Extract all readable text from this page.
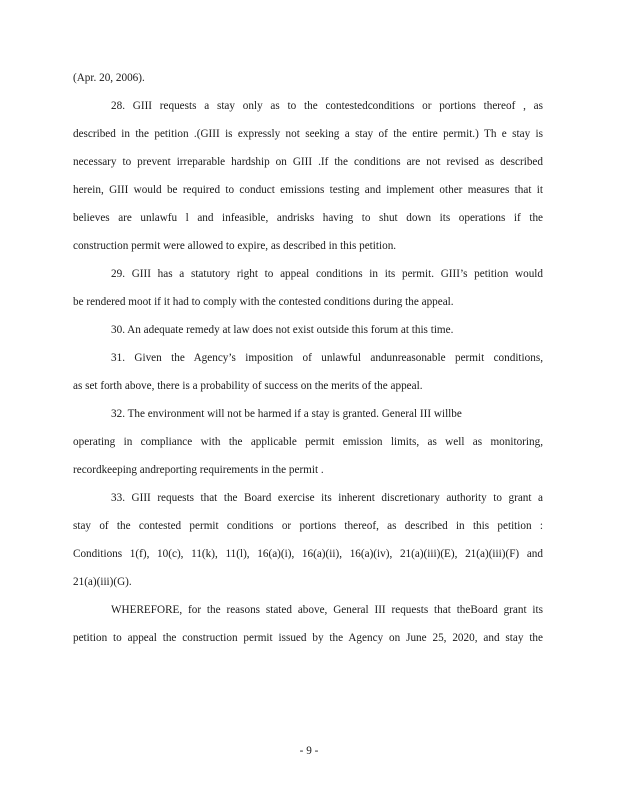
(Apr. 20, 2006).
28. GIII requests a stay only as to the contestedconditions or portions thereof , as
described in the petition .(GIII is expressly not seeking a stay of the entire permit.) Th e stay is
necessary to prevent irreparable hardship on GIII .If the conditions are not revised as described
herein, GIII would be required to conduct emissions testing and implement other measures that it
believes are unlawfu l and infeasible, andrisks having to shut down its operations if the
construction permit were allowed to expire, as described in this petition.
29. GIII has a statutory right to appeal conditions in its permit. GIII’s petition would
be rendered moot if it had to comply with the contested conditions during the appeal.
30. An adequate remedy at law does not exist outside this forum at this time.
31. Given the Agency’s imposition of unlawful andunreasonable permit conditions,
as set forth above, there is a probability of success on the merits of the appeal.
32. The environment will not be harmed if a stay is granted. General III willbe
operating in compliance with the applicable permit emission limits, as well as monitoring,
recordkeeping andreporting requirements in the permit .
33. GIII requests that the Board exercise its inherent discretionary authority to grant a
stay of the contested permit conditions or portions thereof, as described in this petition :
Conditions 1(f), 10(c), 11(k), 11(l), 16(a)(i), 16(a)(ii), 16(a)(iv), 21(a)(iii)(E), 21(a)(iii)(F) and
21(a)(iii)(G).
WHEREFORE, for the reasons stated above, General III requests that theBoard grant its
petition to appeal the construction permit issued by the Agency on June 25, 2020, and stay the
- 9 -
